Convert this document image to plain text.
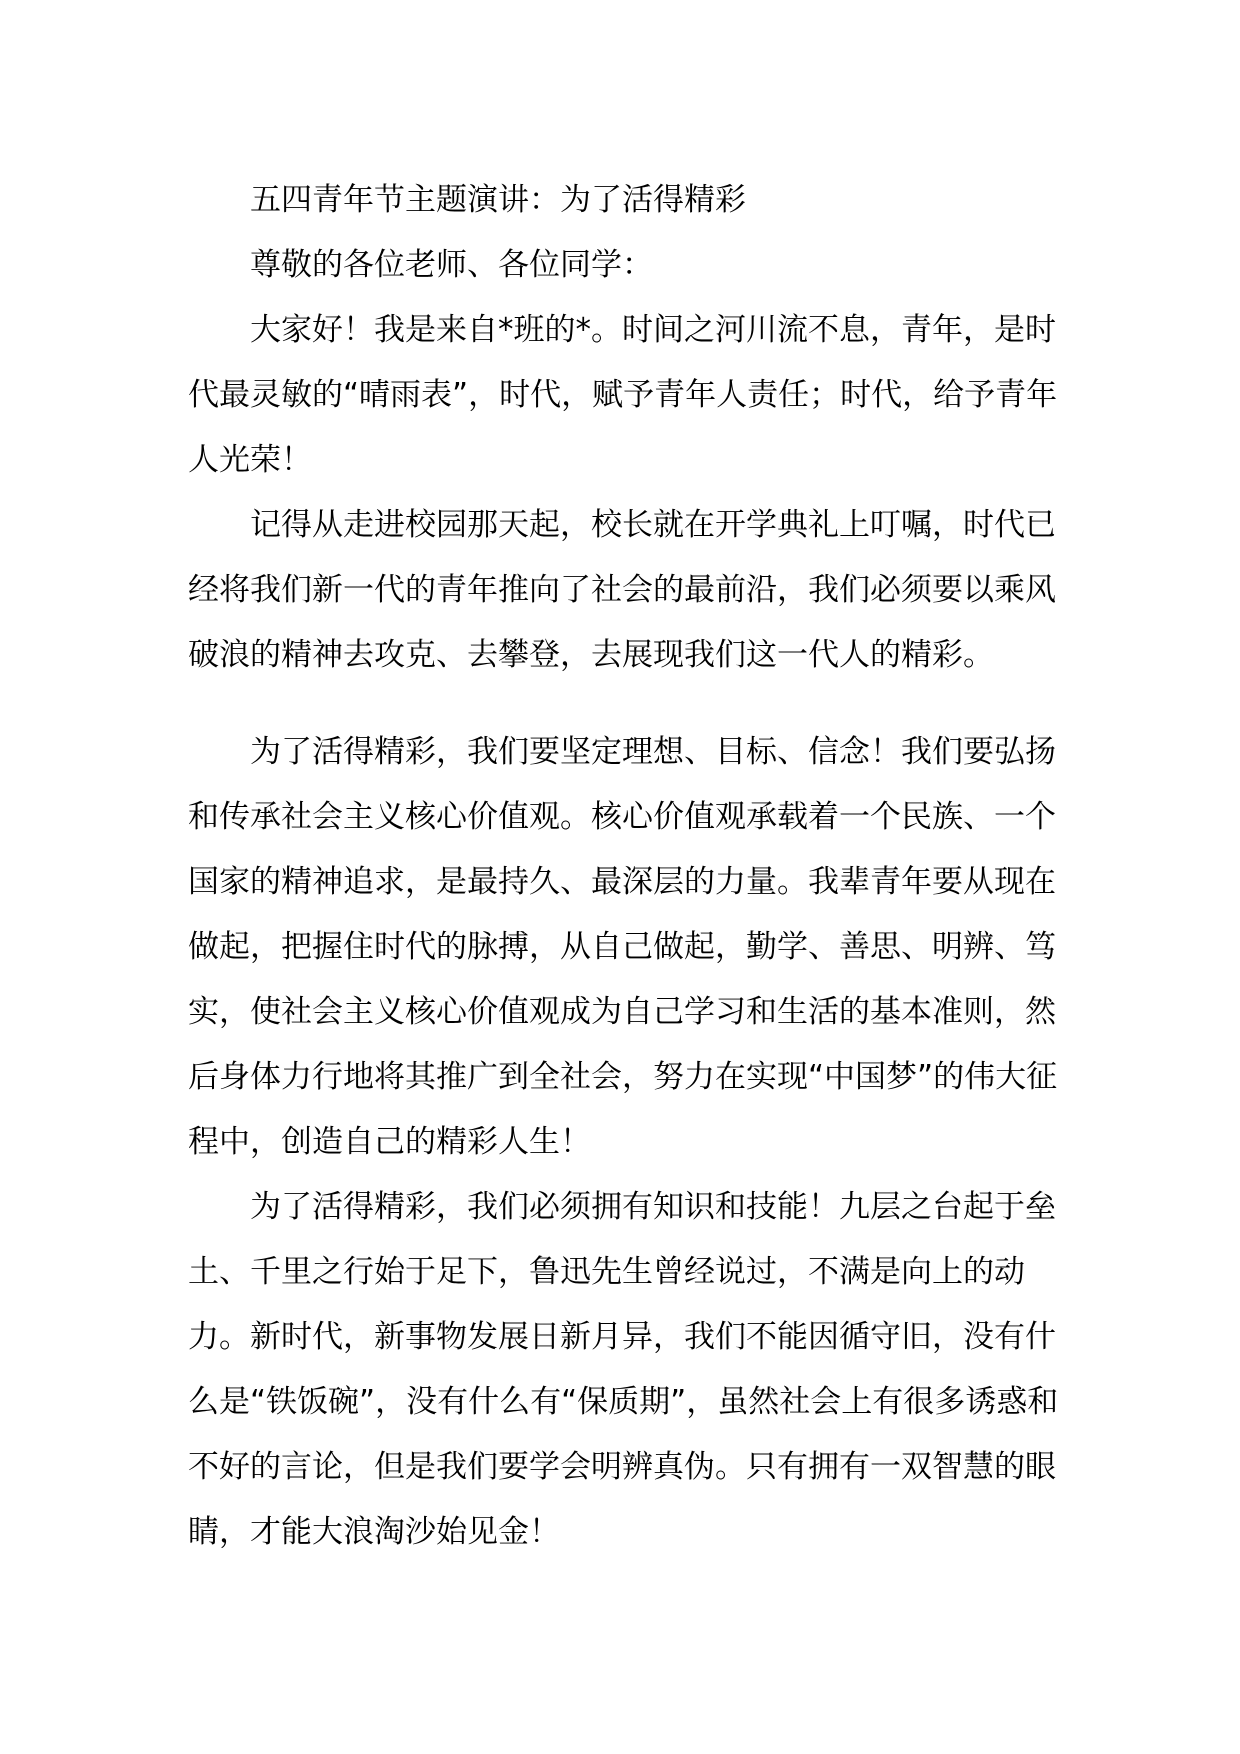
五四青年节主题演讲：为了活得精彩

尊敬的各位老师、各位同学：

大家好！我是来自*班的*。时间之河川流不息，青年，是时代最灵敏的“晴雨表”，时代，赋予青年人责任；时代，给予青年人光荣！

记得从走进校园那天起，校长就在开学典礼上叮嘱，时代已经将我们新一代的青年推向了社会的最前沿，我们必须要以乘风破浪的精神去攻克、去攀登，去展现我们这一代人的精彩。

为了活得精彩，我们要坚定理想、目标、信念！我们要弘扬和传承社会主义核心价值观。核心价值观承载着一个民族、一个国家的精神追求，是最持久、最深层的力量。我辈青年要从现在做起，把握住时代的脉搏，从自己做起，勤学、善思、明辨、笃实，使社会主义核心价值观成为自己学习和生活的基本准则，然后身体力行地将其推广到全社会，努力在实现“中国梦”的伟大征程中，创造自己的精彩人生！

为了活得精彩，我们必须拥有知识和技能！九层之台起于垒土、千里之行始于足下，鲁迅先生曾经说过，不满是向上的动力。新时代，新事物发展日新月异，我们不能因循守旧，没有什么是“铁饭碗”，没有什么有“保质期”，虽然社会上有很多诱惑和不好的言论，但是我们要学会明辨真伪。只有拥有一双智慧的眼睛，才能大浪淘沙始见金！
